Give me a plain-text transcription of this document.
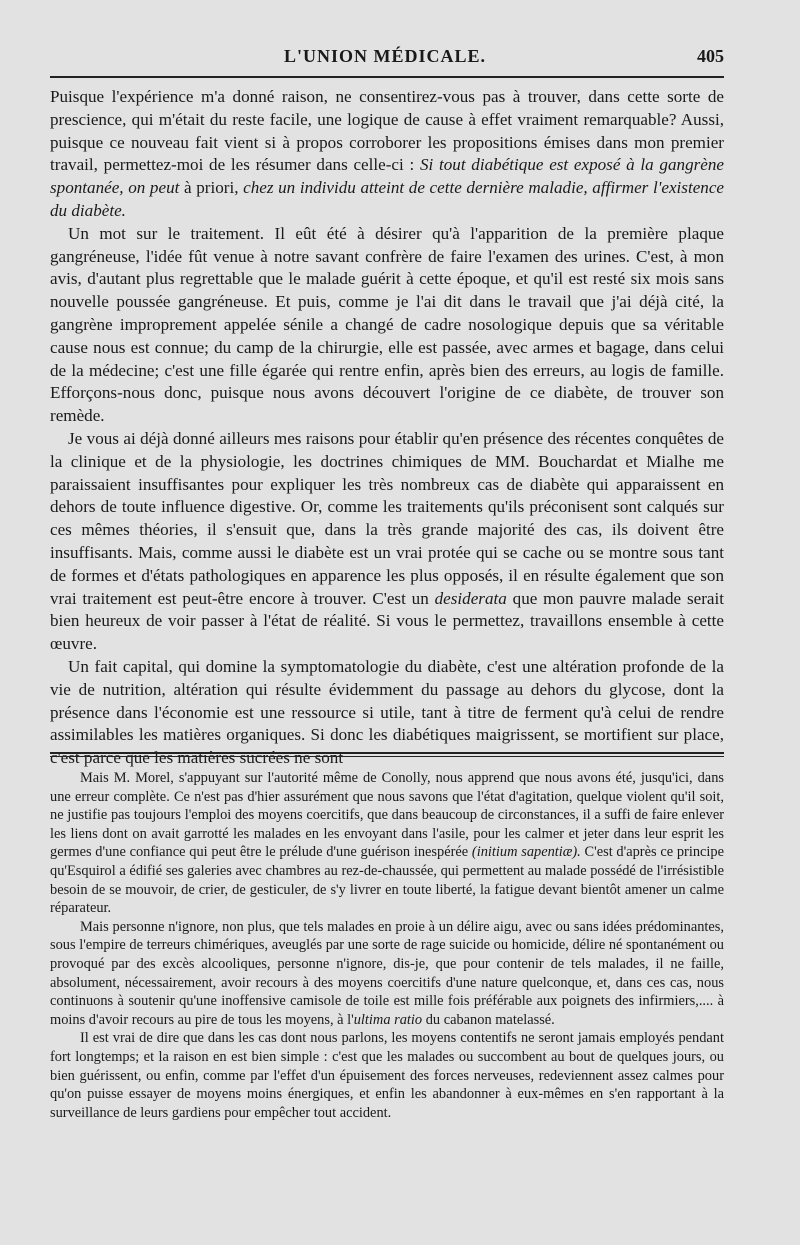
L'UNION MÉDICALE.	405

Puisque l'expérience m'a donné raison, ne consentirez-vous pas à trouver, dans cette sorte de prescience, qui m'était du reste facile, une logique de cause à effet vraiment remarquable? Aussi, puisque ce nouveau fait vient si à propos corroborer les propositions émises dans mon premier travail, permettez-moi de les résumer dans celle-ci : Si tout diabétique est exposé à la gangrène spontanée, on peut à priori, chez un individu atteint de cette dernière maladie, affirmer l'existence du diabète.

Un mot sur le traitement. Il eût été à désirer qu'à l'apparition de la première plaque gangréneuse, l'idée fût venue à notre savant confrère de faire l'examen des urines. C'est, à mon avis, d'autant plus regrettable que le malade guérit à cette époque, et qu'il est resté six mois sans nouvelle poussée gangréneuse. Et puis, comme je l'ai dit dans le travail que j'ai déjà cité, la gangrène improprement appelée sénile a changé de cadre nosologique depuis que sa véritable cause nous est connue; du camp de la chirurgie, elle est passée, avec armes et bagage, dans celui de la médecine; c'est une fille égarée qui rentre enfin, après bien des erreurs, au logis de famille. Efforçons-nous donc, puisque nous avons découvert l'origine de ce diabète, de trouver son remède.

Je vous ai déjà donné ailleurs mes raisons pour établir qu'en présence des récentes conquêtes de la clinique et de la physiologie, les doctrines chimiques de MM. Bouchardat et Mialhe me paraissaient insuffisantes pour expliquer les très nombreux cas de diabète qui apparaissent en dehors de toute influence digestive. Or, comme les traitements qu'ils préconisent sont calqués sur ces mêmes théories, il s'ensuit que, dans la très grande majorité des cas, ils doivent être insuffisants. Mais, comme aussi le diabète est un vrai protée qui se cache ou se montre sous tant de formes et d'états pathologiques en apparence les plus opposés, il en résulte également que son vrai traitement est peut-être encore à trouver. C'est un desiderata que mon pauvre malade serait bien heureux de voir passer à l'état de réalité. Si vous le permettez, travaillons ensemble à cette œuvre.

Un fait capital, qui domine la symptomatologie du diabète, c'est une altération profonde de la vie de nutrition, altération qui résulte évidemment du passage au dehors du glycose, dont la présence dans l'économie est une ressource si utile, tant à titre de ferment qu'à celui de rendre assimilables les matières organiques. Si donc les diabétiques maigrissent, se mortifient sur place, c'est parce que les matières sucrées ne sont

Mais M. Morel, s'appuyant sur l'autorité même de Conolly, nous apprend que nous avons été, jusqu'ici, dans une erreur complète. Ce n'est pas d'hier assurément que nous savons que l'état d'agitation, quelque violent qu'il soit, ne justifie pas toujours l'emploi des moyens coercitifs, que dans beaucoup de circonstances, il a suffi de faire enlever les liens dont on avait garrotté les malades en les envoyant dans l'asile, pour les calmer et jeter dans leur esprit les germes d'une confiance qui peut être le prélude d'une guérison inespérée (initium sapentiæ). C'est d'après ce principe qu'Esquirol a édifié ses galeries avec chambres au rez-de-chaussée, qui permettent au malade possédé de l'irrésistible besoin de se mouvoir, de crier, de gesticuler, de s'y livrer en toute liberté, la fatigue devant bientôt amener un calme réparateur.

Mais personne n'ignore, non plus, que tels malades en proie à un délire aigu, avec ou sans idées prédominantes, sous l'empire de terreurs chimériques, aveuglés par une sorte de rage suicide ou homicide, délire né spontanément ou provoqué par des excès alcooliques, personne n'ignore, dis-je, que pour contenir de tels malades, il ne faille, absolument, nécessairement, avoir recours à des moyens coercitifs d'une nature quelconque, et, dans ces cas, nous continuons à soutenir qu'une inoffensive camisole de toile est mille fois préférable aux poignets des infirmiers,.... à moins d'avoir recours au pire de tous les moyens, à l'ultima ratio du cabanon matelassé.

Il est vrai de dire que dans les cas dont nous parlons, les moyens contentifs ne seront jamais employés pendant fort longtemps; et la raison en est bien simple : c'est que les malades ou succombent au bout de quelques jours, ou bien guérissent, ou enfin, comme par l'effet d'un épuisement des forces nerveuses, redeviennent assez calmes pour qu'on puisse essayer de moyens moins énergiques, et enfin les abandonner à eux-mêmes en s'en rapportant à la surveillance de leurs gardiens pour empêcher tout accident.
